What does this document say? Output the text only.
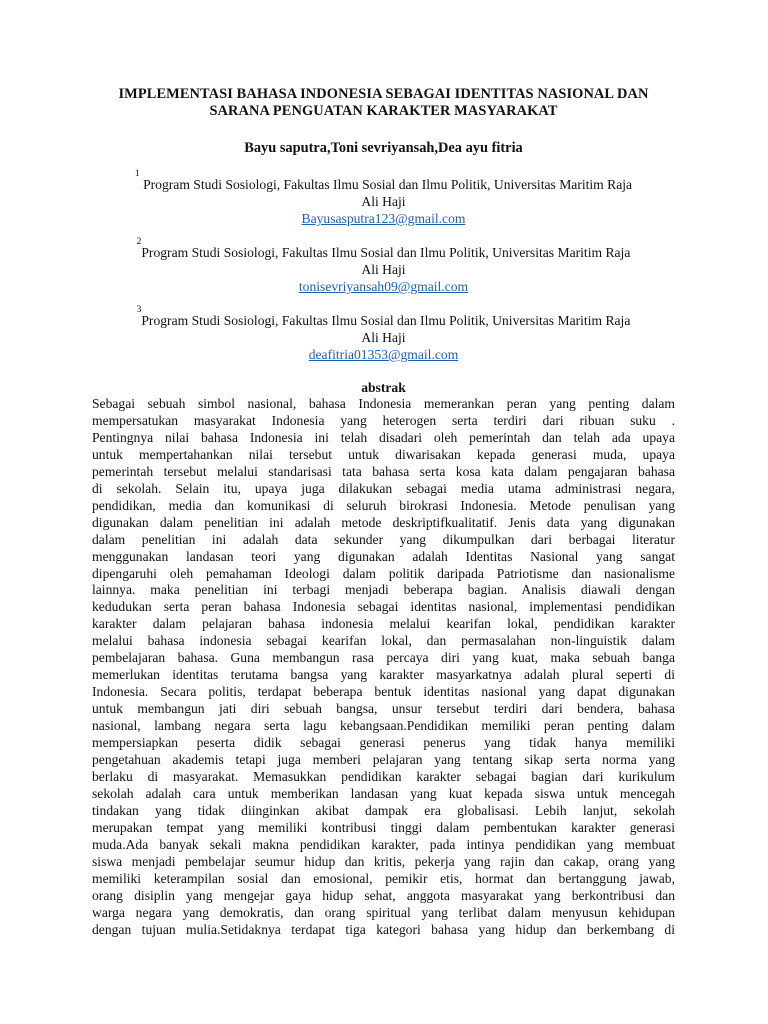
IMPLEMENTASI BAHASA INDONESIA SEBAGAI IDENTITAS NASIONAL DAN
SARANA PENGUATAN KARAKTER MASYARAKAT

Bayu saputra,Toni sevriyansah,Dea ayu fitria

$^1$ Program Studi Sosiologi, Fakultas Ilmu Sosial dan Ilmu Politik, Universitas Maritim Raja

Ali Haji

Bayusasputra123@gmail.com

$^2$Program Studi Sosiologi, Fakultas Ilmu Sosial dan Ilmu Politik, Universitas Maritim Raja

Ali Haji

tonisevriyansah09@gmail.com

$^3$Program Studi Sosiologi, Fakultas Ilmu Sosial dan Ilmu Politik, Universitas Maritim Raja

Ali Haji

deafitria01353@gmail.com

abstrak

Sebagai sebuah simbol nasional, bahasa Indonesia memerankan peran yang penting dalam
mempersatukan masyarakat Indonesia yang heterogen serta terdiri dari ribuan suku .
Pentingnya nilai bahasa Indonesia ini telah disadari oleh pemerintah dan telah ada upaya
untuk mempertahankan nilai tersebut untuk diwarisakan kepada generasi muda, upaya
pemerintah tersebut melalui standarisasi tata bahasa serta kosa kata dalam pengajaran bahasa
di sekolah. Selain itu, upaya juga dilakukan sebagai media utama administrasi negara,
pendidikan, media dan komunikasi di seluruh birokrasi Indonesia. Metode penulisan yang
digunakan dalam penelitian ini adalah metode deskriptifkualitatif. Jenis data yang digunakan
dalam penelitian ini adalah data sekunder yang dikumpulkan dari berbagai literatur
menggunakan landasan teori yang digunakan adalah Identitas Nasional yang sangat
dipengaruhi oleh pemahaman Ideologi dalam politik daripada Patriotisme dan nasionalisme
lainnya. maka penelitian ini terbagi menjadi beberapa bagian. Analisis diawali dengan
kedudukan serta peran bahasa Indonesia sebagai identitas nasional, implementasi pendidikan
karakter dalam pelajaran bahasa indonesia melalui kearifan lokal, pendidikan karakter
melalui bahasa indonesia sebagai kearifan lokal, dan permasalahan non-linguistik dalam
pembelajaran bahasa. Guna membangun rasa percaya diri yang kuat, maka sebuah banga
memerlukan identitas terutama bangsa yang karakter masyarkatnya adalah plural seperti di
Indonesia. Secara politis, terdapat beberapa bentuk identitas nasional yang dapat digunakan
untuk membangun jati diri sebuah bangsa, unsur tersebut terdiri dari bendera, bahasa
nasional, lambang negara serta lagu kebangsaan.Pendidikan memiliki peran penting dalam
mempersiapkan peserta didik sebagai generasi penerus yang tidak hanya memiliki
pengetahuan akademis tetapi juga memberi pelajaran yang tentang sikap serta norma yang
berlaku di masyarakat. Memasukkan pendidikan karakter sebagai bagian dari kurikulum
sekolah adalah cara untuk memberikan landasan yang kuat kepada siswa untuk mencegah
tindakan yang tidak diinginkan akibat dampak era globalisasi. Lebih lanjut, sekolah
merupakan tempat yang memiliki kontribusi tinggi dalam pembentukan karakter generasi
muda.Ada banyak sekali makna pendidikan karakter, pada intinya pendidikan yang membuat
siswa menjadi pembelajar seumur hidup dan kritis, pekerja yang rajin dan cakap, orang yang
memiliki keterampilan sosial dan emosional, pemikir etis, hormat dan bertanggung jawab,
orang disiplin yang mengejar gaya hidup sehat, anggota masyarakat yang berkontribusi dan
warga negara yang demokratis, dan orang spiritual yang terlibat dalam menyusun kehidupan
dengan tujuan mulia.Setidaknya terdapat tiga kategori bahasa yang hidup dan berkembang di
